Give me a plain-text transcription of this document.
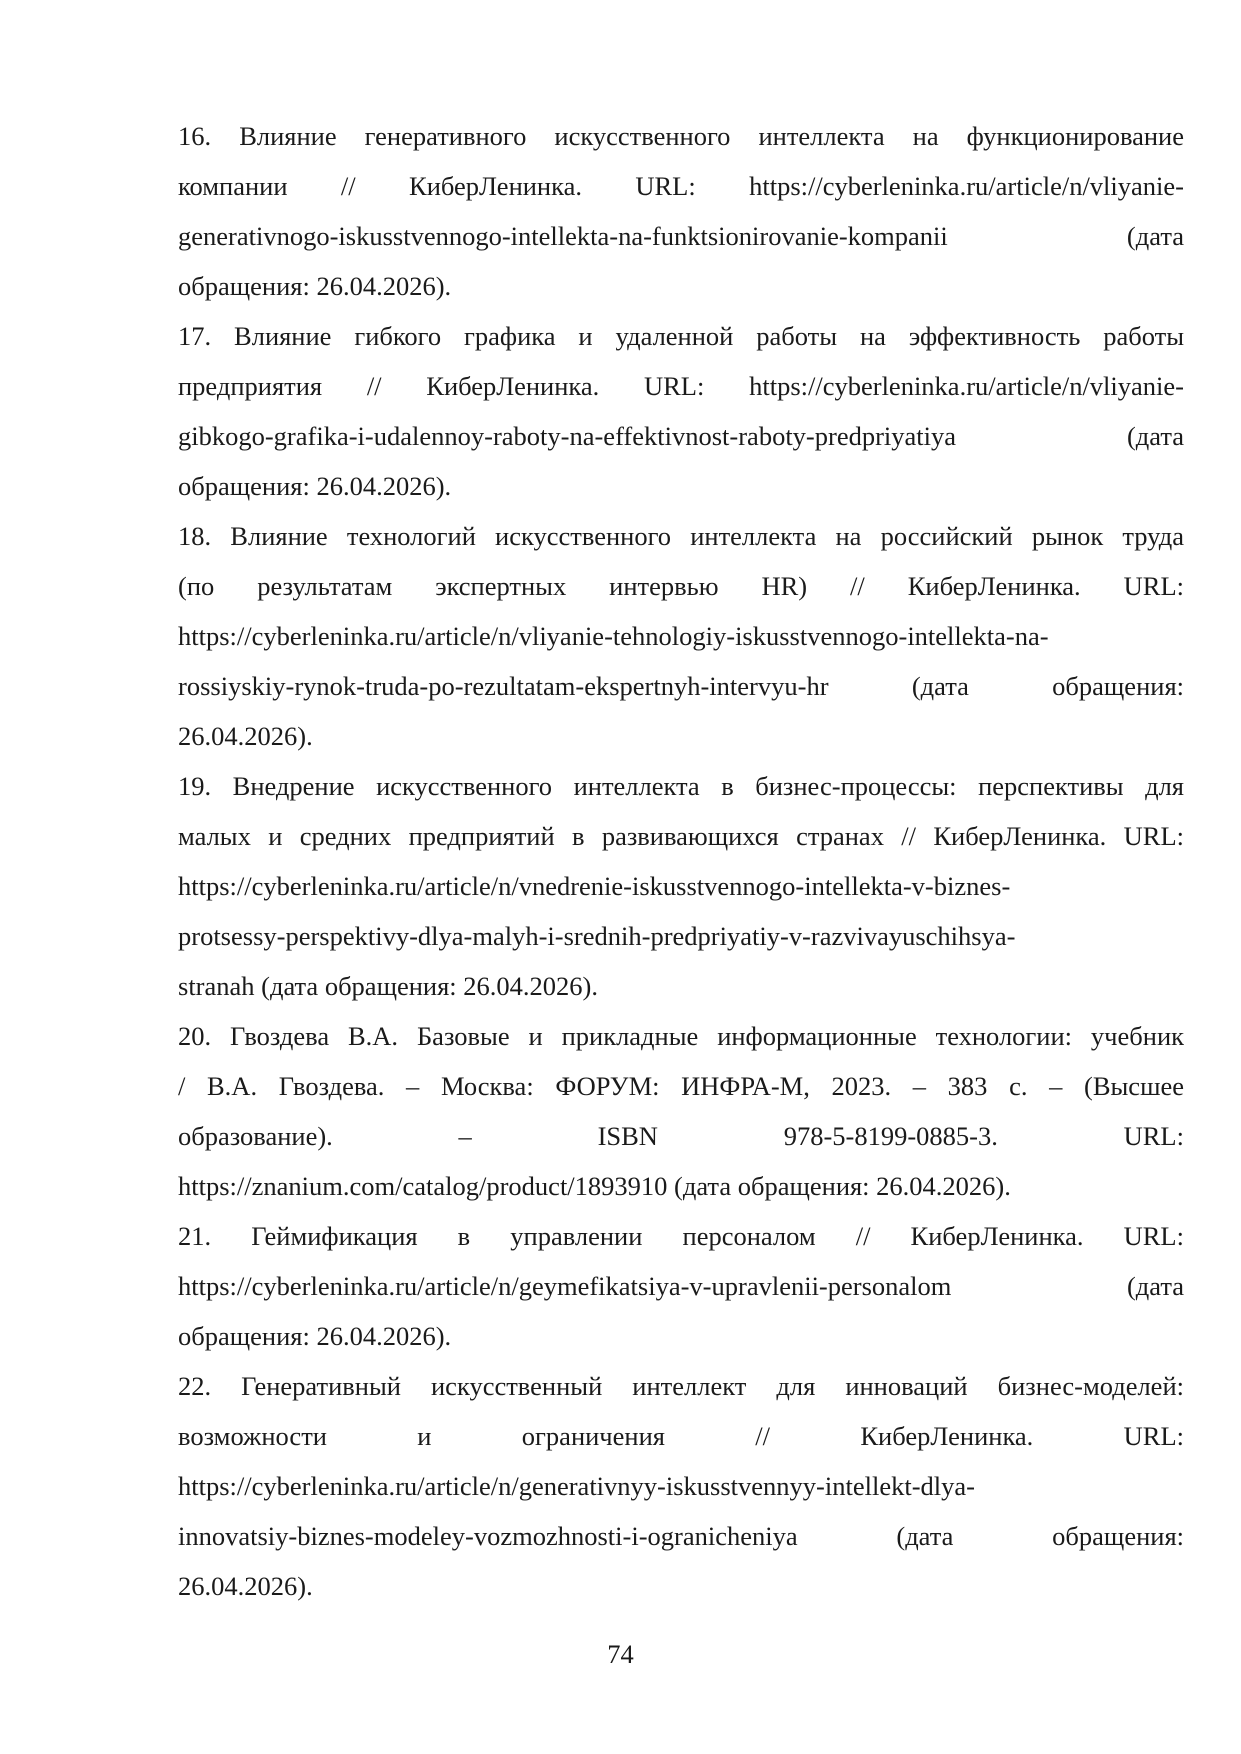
16. Влияние генеративного искусственного интеллекта на функционирование
компании // КиберЛенинка. URL: https://cyberleninka.ru/article/n/vliyanie-
generativnogo-iskusstvennogo-intellekta-na-funktsionirovanie-kompanii (дата
обращения: 26.04.2026).
17. Влияние гибкого графика и удаленной работы на эффективность работы
предприятия // КиберЛенинка. URL: https://cyberleninka.ru/article/n/vliyanie-
gibkogo-grafika-i-udalennoy-raboty-na-effektivnost-raboty-predpriyatiya (дата
обращения: 26.04.2026).
18. Влияние технологий искусственного интеллекта на российский рынок труда
(по результатам экспертных интервью HR) // КиберЛенинка. URL:
https://cyberleninka.ru/article/n/vliyanie-tehnologiy-iskusstvennogo-intellekta-na-
rossiyskiy-rynok-truda-po-rezultatam-ekspertnyh-intervyu-hr (дата обращения:
26.04.2026).
19. Внедрение искусственного интеллекта в бизнес-процессы: перспективы для
малых и средних предприятий в развивающихся странах // КиберЛенинка. URL:
https://cyberleninka.ru/article/n/vnedrenie-iskusstvennogo-intellekta-v-biznes-
protsessy-perspektivy-dlya-malyh-i-srednih-predpriyatiy-v-razvivayuschihsya-
stranah (дата обращения: 26.04.2026).
20. Гвоздева В.А. Базовые и прикладные информационные технологии: учебник
/ В.А. Гвоздева. – Москва: ФОРУМ: ИНФРА-М, 2023. – 383 с. – (Высшее
образование). – ISBN 978-5-8199-0885-3. URL:
https://znanium.com/catalog/product/1893910 (дата обращения: 26.04.2026).
21. Геймификация в управлении персоналом // КиберЛенинка. URL:
https://cyberleninka.ru/article/n/geymefikatsiya-v-upravlenii-personalom (дата
обращения: 26.04.2026).
22. Генеративный искусственный интеллект для инноваций бизнес-моделей:
возможности и ограничения // КиберЛенинка. URL:
https://cyberleninka.ru/article/n/generativnyy-iskusstvennyy-intellekt-dlya-
innovatsiy-biznes-modeley-vozmozhnosti-i-ogranicheniya (дата обращения:
26.04.2026).
74
